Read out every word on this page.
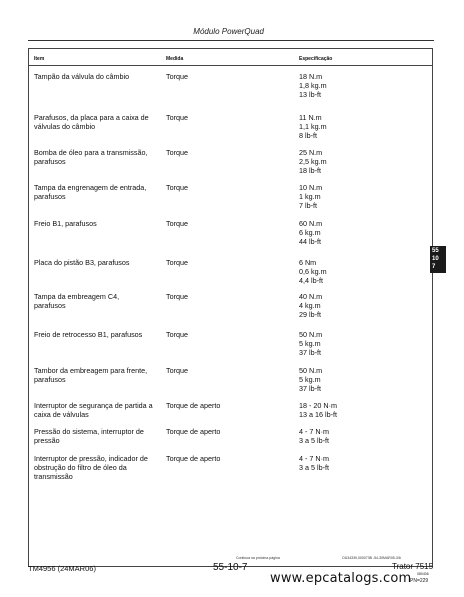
Módulo PowerQuad
Item	Medida	Especificação
Tampão da válvula do câmbio	Torque	18 N.m
1,8 kg.m
13 lb-ft
Parafusos, da placa para a caixa de
válvulas do câmbio
Torque	11 N.m
1,1 kg.m
8 lb-ft
Bomba de óleo para a transmissão,
parafusos
Torque	25 N.m
2,5 kg.m
18 lb-ft
Tampa da engrenagem de entrada,
parafusos
Torque	10 N.m
1 kg.m
7 lb-ft
Freio B1, parafusos	Torque	60 N.m
6 kg.m
44 lb-ft
Placa do pistão B3, parafusos	Torque	6 Nm
0,6 kg.m
4,4 lb-ft
Tampa da embreagem C4,
parafusos
Torque	40 N.m
4 kg.m
29 lb-ft
Freio de retrocesso B1, parafusos	Torque	50 N.m
5 kg.m
37 lb-ft
Tambor da embreagem para frente,
parafusos
Torque	50 N.m
5 kg.m
37 lb-ft
Interruptor de segurança de partida a
caixa de válvulas
Torque de aperto	18 - 20 N·m
13 a 16 lb-ft
Pressão do sistema, interruptor de
pressão
Torque de aperto	4 - 7 N·m
3 a 5 lb-ft
Interruptor de pressão, indicador de
obstrução do filtro de óleo da
transmissão
Torque de aperto	4 - 7 N·m
3 a 5 lb-ft
55
10
7
Continua na próxima página	OU34339,000073B -54-30MAR05-3/6
TM4956 (24MAR06)	55-10-7	Trator 7515
080406
PN=229
www.epcatalogs.com
